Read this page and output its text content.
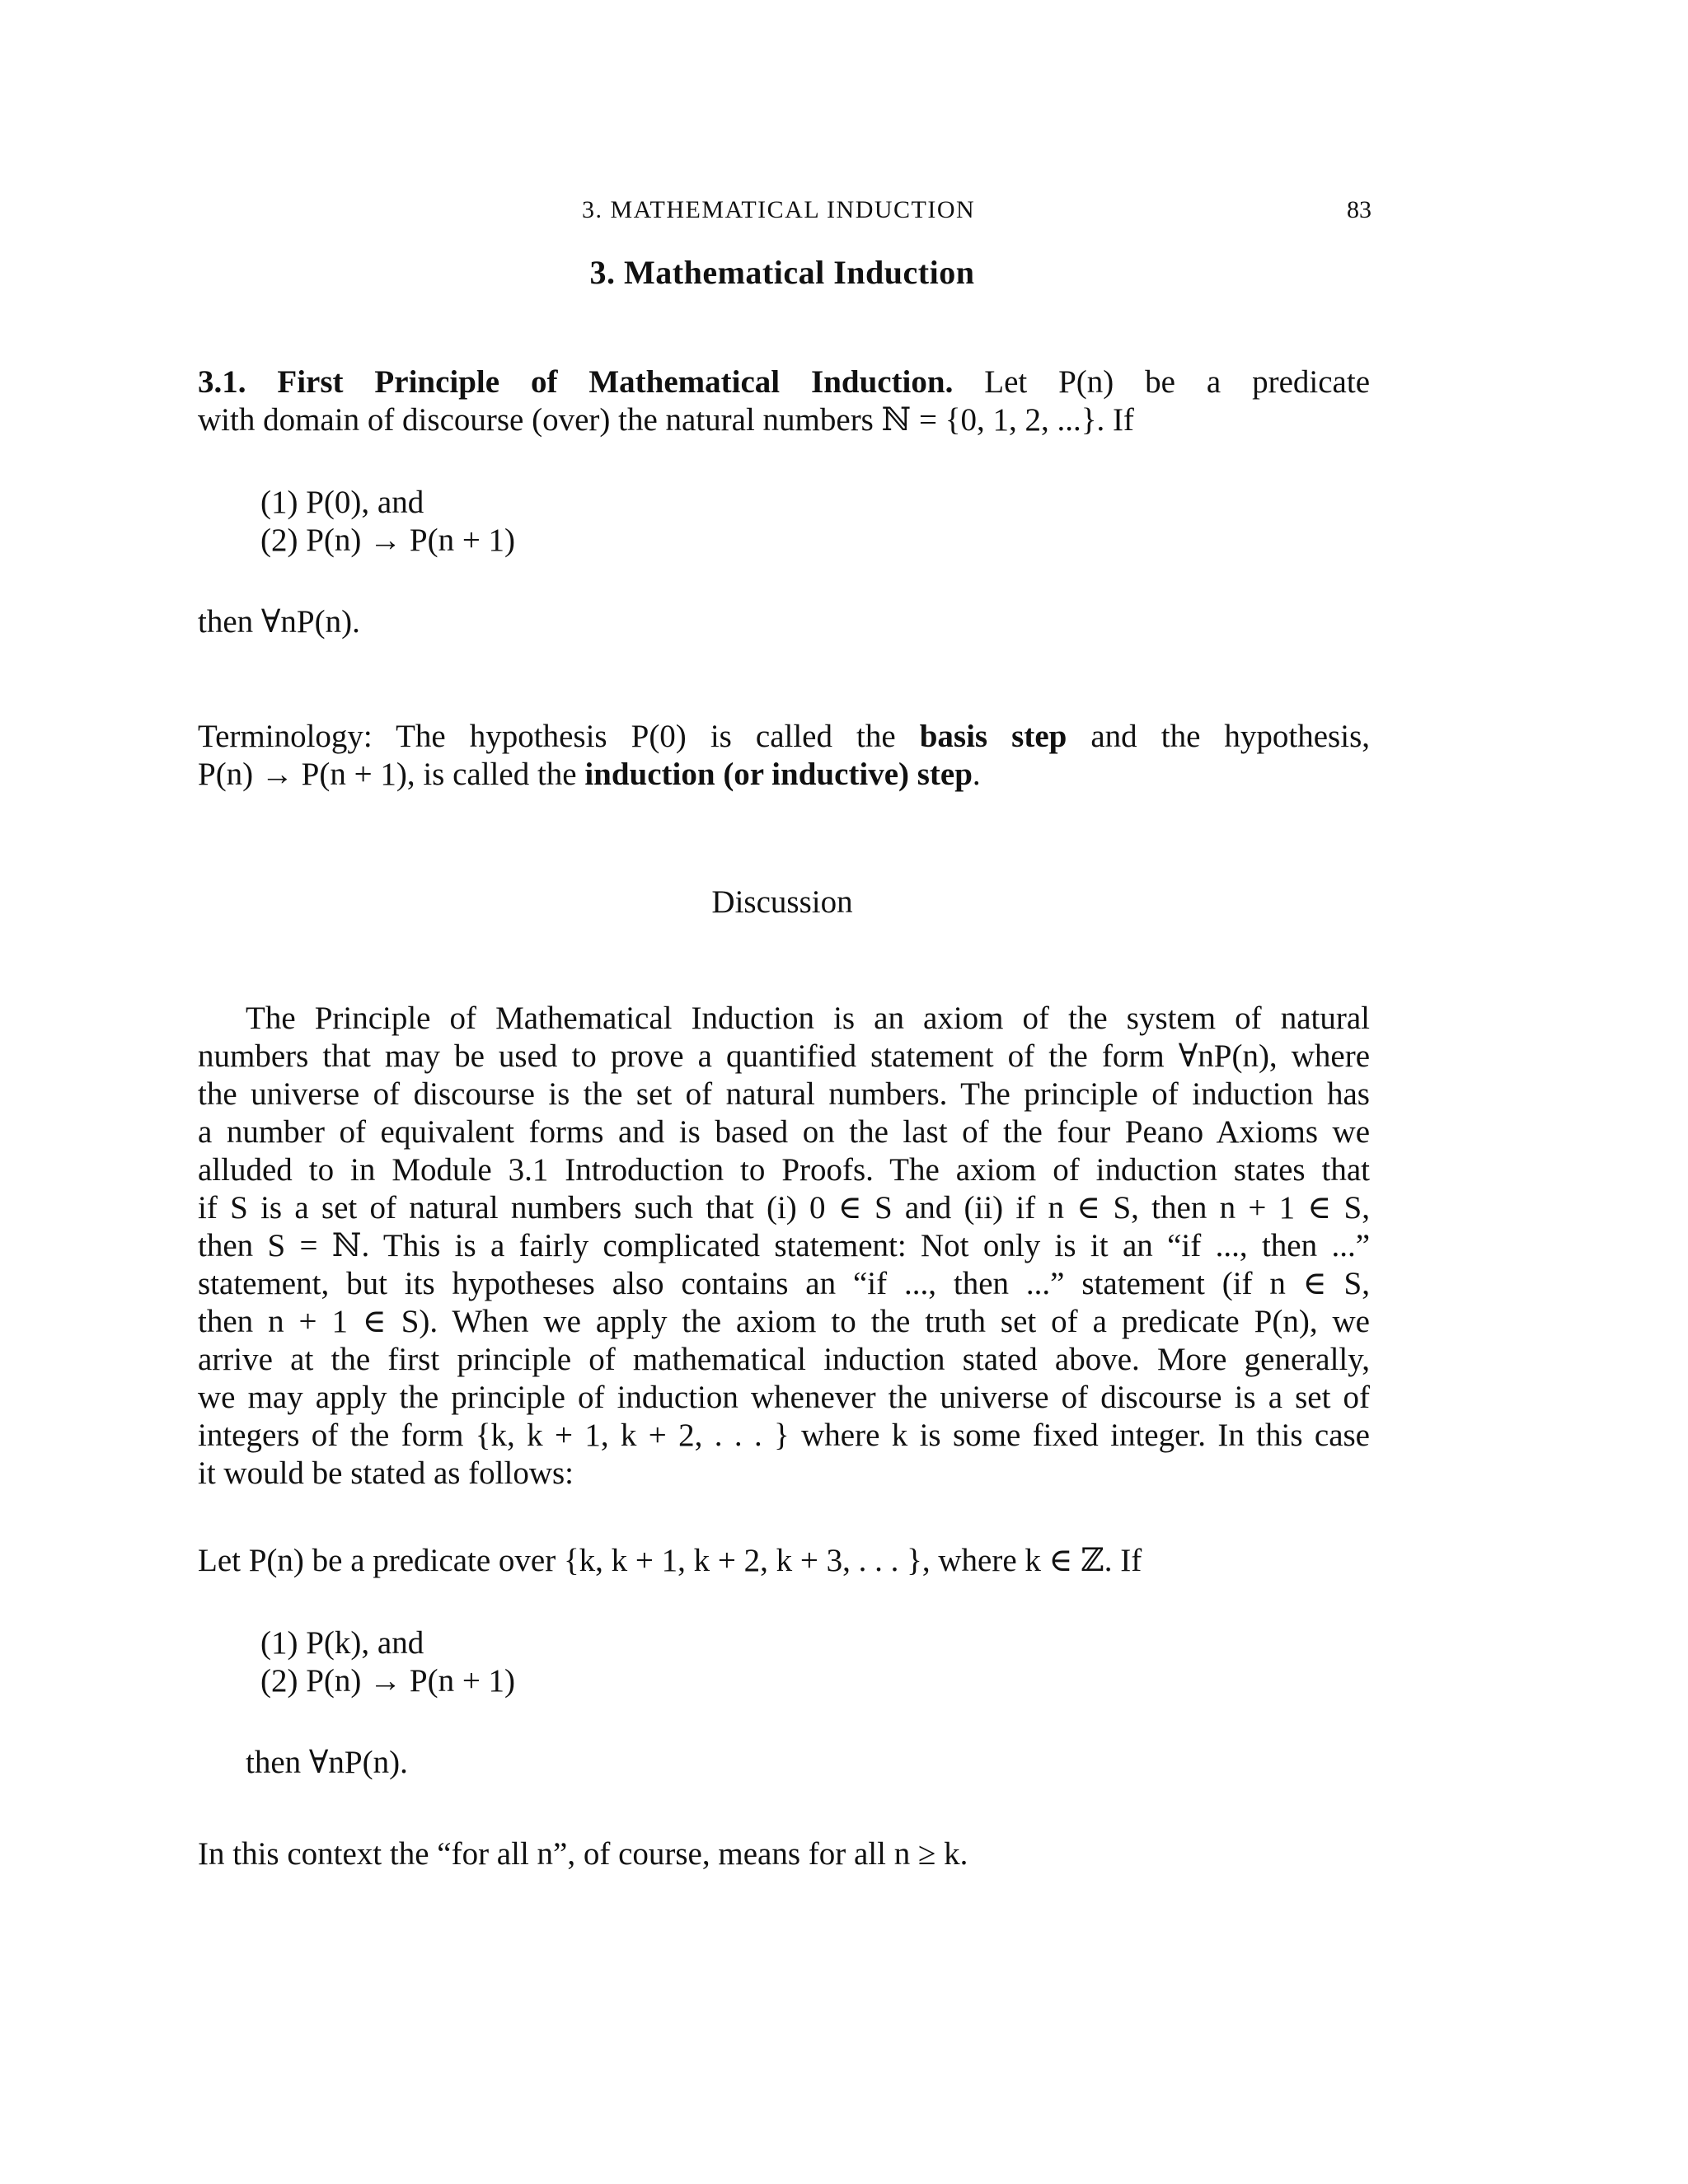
3. MATHEMATICAL INDUCTION	83
3. Mathematical Induction
3.1. First Principle of Mathematical Induction. Let P(n) be a predicate
with domain of discourse (over) the natural numbers ℕ = {0, 1, 2, ...}. If
(1) P(0), and
(2) P(n) → P(n + 1)
then ∀nP(n).
Terminology: The hypothesis P(0) is called the basis step and the hypothesis,
P(n) → P(n + 1), is called the induction (or inductive) step.
Discussion
The Principle of Mathematical Induction is an axiom of the system of natural
numbers that may be used to prove a quantified statement of the form ∀nP(n), where
the universe of discourse is the set of natural numbers. The principle of induction has
a number of equivalent forms and is based on the last of the four Peano Axioms we
alluded to in Module 3.1 Introduction to Proofs. The axiom of induction states that
if S is a set of natural numbers such that (i) 0 ∈ S and (ii) if n ∈ S, then n + 1 ∈ S,
then S = ℕ. This is a fairly complicated statement: Not only is it an “if ..., then ...”
statement, but its hypotheses also contains an “if ..., then ...” statement (if n ∈ S,
then n + 1 ∈ S). When we apply the axiom to the truth set of a predicate P(n), we
arrive at the first principle of mathematical induction stated above. More generally,
we may apply the principle of induction whenever the universe of discourse is a set of
integers of the form {k, k + 1, k + 2, . . . } where k is some fixed integer. In this case
it would be stated as follows:
Let P(n) be a predicate over {k, k + 1, k + 2, k + 3, . . . }, where k ∈ ℤ. If
(1) P(k), and
(2) P(n) → P(n + 1)
then ∀nP(n).
In this context the “for all n”, of course, means for all n ≥ k.
